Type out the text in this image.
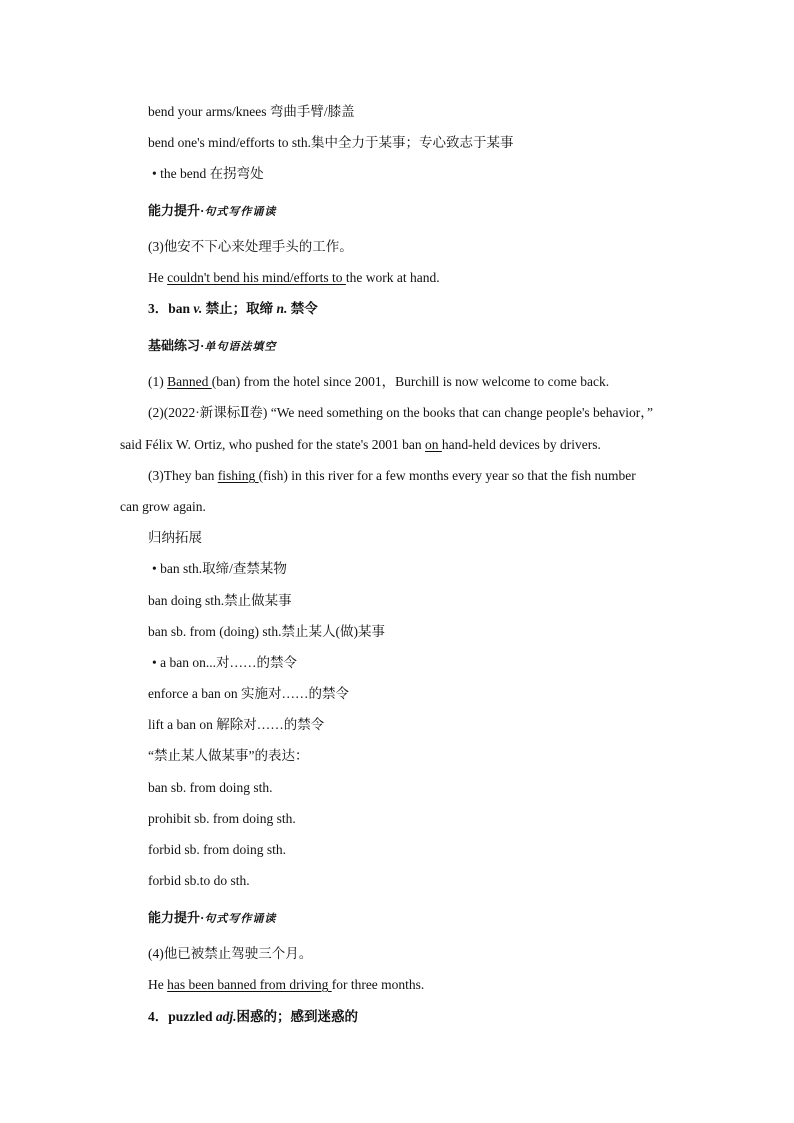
bend your arms/knees 弯曲手臂/膝盖
bend one's mind/efforts to sth.集中全力于某事；专心致志于某事
• the bend 在拐弯处
能力提升·句式写作诵读
(3)他安不下心来处理手头的工作。
He couldn't bend his mind/efforts to the work at hand.
3．ban v. 禁止；取缔 n. 禁令
基础练习·单句语法填空
(1) Banned (ban) from the hotel since 2001，Burchill is now welcome to come back.
(2)(2022·新课标Ⅱ卷) “We need something on the books that can change people's behavior，”
said Félix W. Ortiz, who pushed for the state's 2001 ban on hand-held devices by drivers.
(3)They ban fishing (fish) in this river for a few months every year so that the fish number
can grow again.
归纳拓展
• ban sth.取缔/查禁某物
ban doing sth.禁止做某事
ban sb. from (doing) sth.禁止某人(做)某事
• a ban on...对……的禁令
enforce a ban on 实施对……的禁令
lift a ban on 解除对……的禁令
“禁止某人做某事”的表达：
ban sb. from doing sth.
prohibit sb. from doing sth.
forbid sb. from doing sth.
forbid sb.to do sth.
能力提升·句式写作诵读
(4)他已被禁止驾驶三个月。
He has been banned from driving for three months.
4．puzzled adj.困惑的；感到迷惑的
